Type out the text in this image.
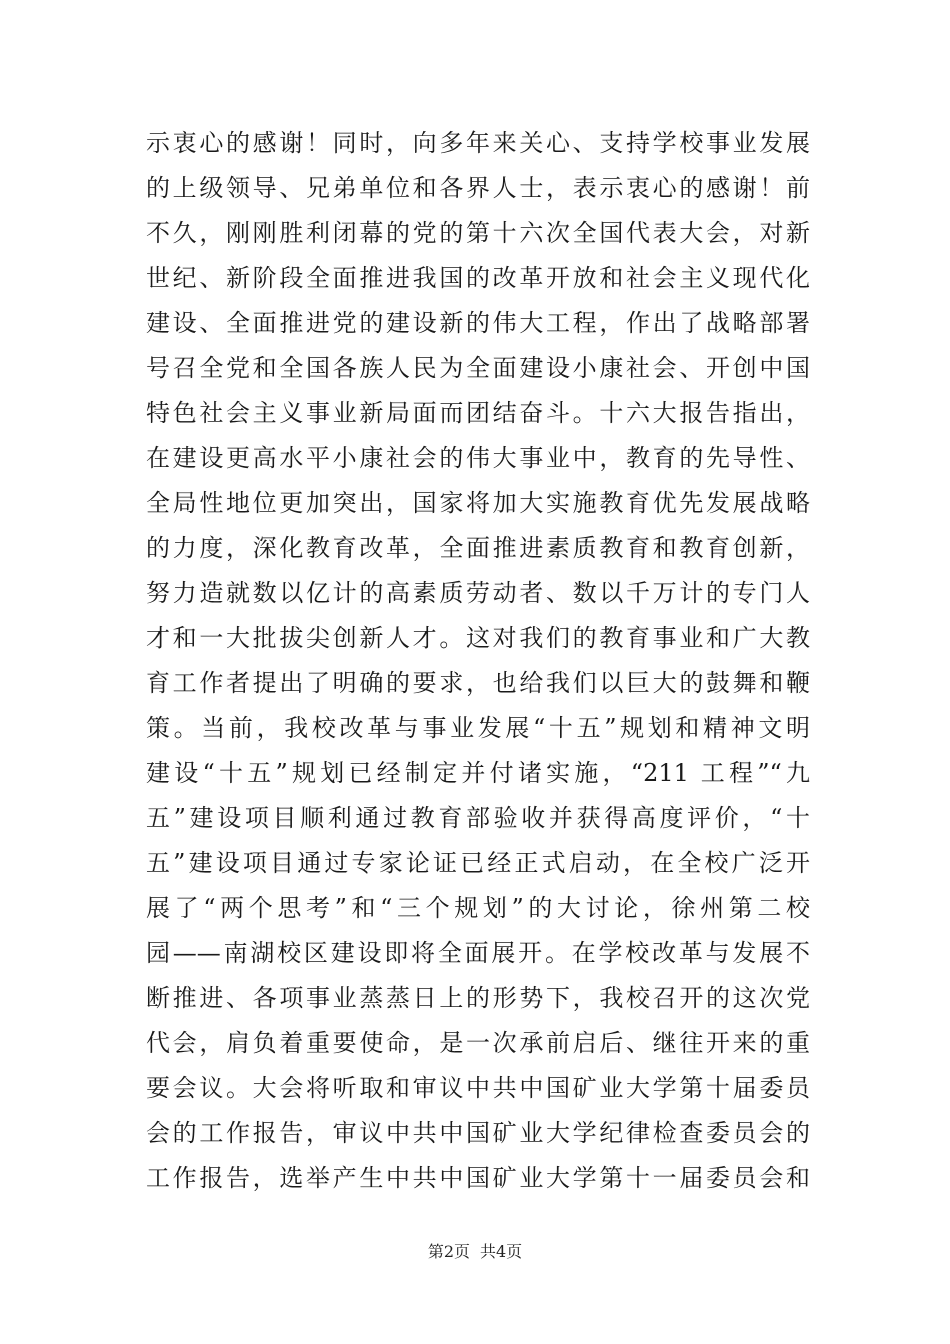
示衷心的感谢！同时，向多年来关心、支持学校事业发展
的上级领导、兄弟单位和各界人士，表示衷心的感谢！前
不久，刚刚胜利闭幕的党的第十六次全国代表大会，对新
世纪、新阶段全面推进我国的改革开放和社会主义现代化
建设、全面推进党的建设新的伟大工程，作出了战略部署
号召全党和全国各族人民为全面建设小康社会、开创中国
特色社会主义事业新局面而团结奋斗。十六大报告指出，
在建设更高水平小康社会的伟大事业中，教育的先导性、
全局性地位更加突出，国家将加大实施教育优先发展战略
的力度，深化教育改革，全面推进素质教育和教育创新，
努力造就数以亿计的高素质劳动者、数以千万计的专门人
才和一大批拔尖创新人才。这对我们的教育事业和广大教
育工作者提出了明确的要求，也给我们以巨大的鼓舞和鞭
策。当前，我校改革与事业发展“十五”规划和精神文明
建设“十五”规划已经制定并付诸实施，“211 工程”“九
五”建设项目顺利通过教育部验收并获得高度评价，“十
五”建设项目通过专家论证已经正式启动，在全校广泛开
展了“两个思考”和“三个规划”的大讨论，徐州第二校
园——南湖校区建设即将全面展开。在学校改革与发展不
断推进、各项事业蒸蒸日上的形势下，我校召开的这次党
代会，肩负着重要使命，是一次承前启后、继往开来的重
要会议。大会将听取和审议中共中国矿业大学第十届委员
会的工作报告，审议中共中国矿业大学纪律检查委员会的
工作报告，选举产生中共中国矿业大学第十一届委员会和
第2页 共4页
